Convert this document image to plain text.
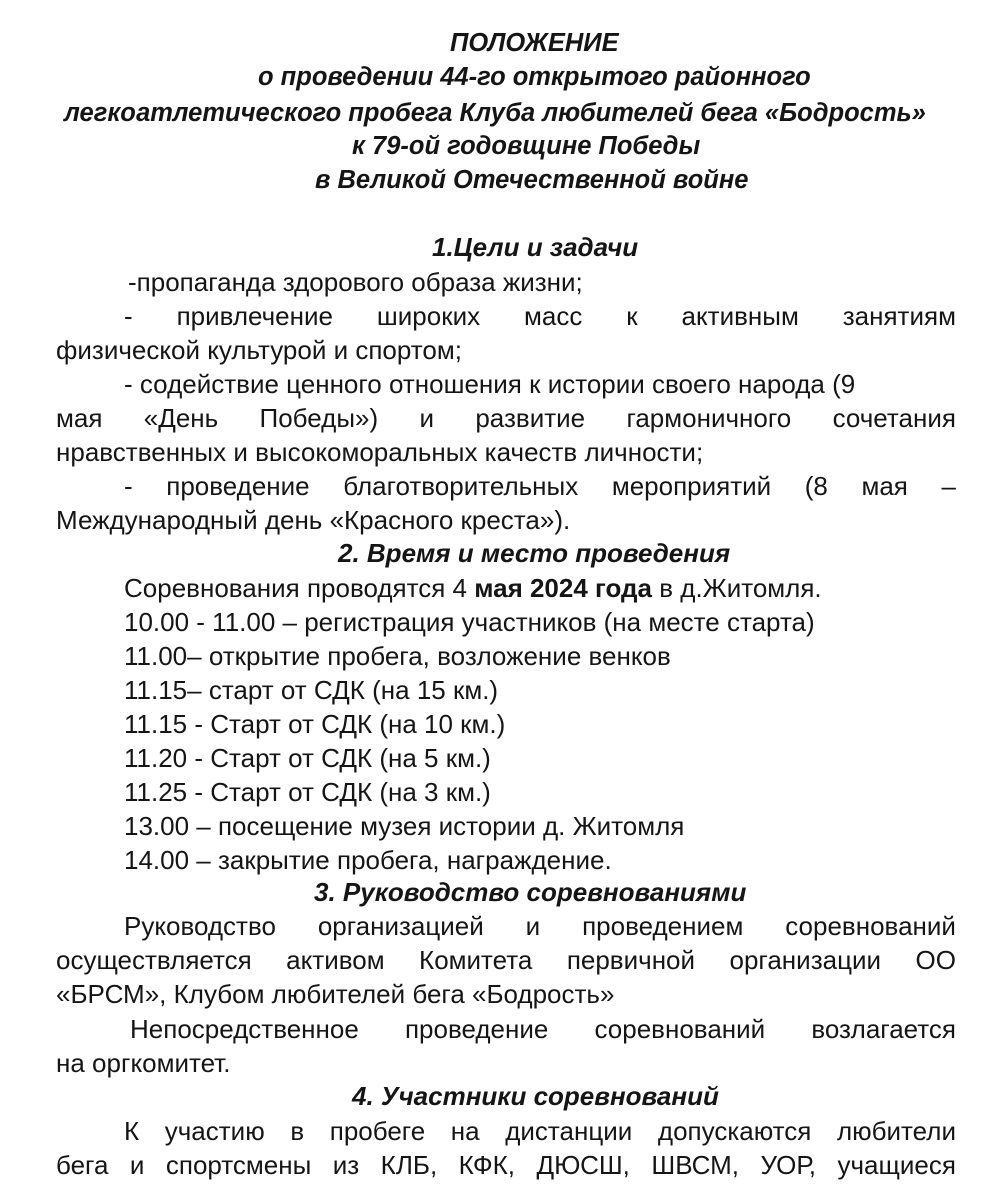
ПОЛОЖЕНИЕ
о проведении 44-го открытого районного
легкоатлетического пробега Клуба любителей бега «Бодрость»
к 79-ой годовщине Победы
в Великой Отечественной войне
1.Цели и задачи
-пропаганда здорового образа жизни;
- привлечение широких масс к активным занятиям
физической культурой и спортом;
- содействие ценного отношения к истории своего народа (9
мая «День Победы») и развитие гармоничного сочетания
нравственных и высокоморальных качеств личности;
- проведение благотворительных мероприятий (8 мая –
Международный день «Красного креста»).
2. Время и место проведения
Соревнования проводятся 4 мая 2024 года в д.Житомля.
10.00 - 11.00 – регистрация участников (на месте старта)
11.00– открытие пробега, возложение венков
11.15– старт от СДК (на 15 км.)
11.15 - Старт от СДК (на 10 км.)
11.20 - Старт от СДК (на 5 км.)
11.25 - Старт от СДК (на 3 км.)
13.00 – посещение музея истории д. Житомля
14.00 – закрытие пробега, награждение.
3. Руководство соревнованиями
Руководство организацией и проведением соревнований
осуществляется активом Комитета первичной организации ОО
«БРСМ», Клубом любителей бега «Бодрость»
Непосредственное проведение соревнований возлагается
на оргкомитет.
4. Участники соревнований
К участию в пробеге на дистанции допускаются любители
бега и спортсмены из КЛБ, КФК, ДЮСШ, ШВСМ, УОР, учащиеся
